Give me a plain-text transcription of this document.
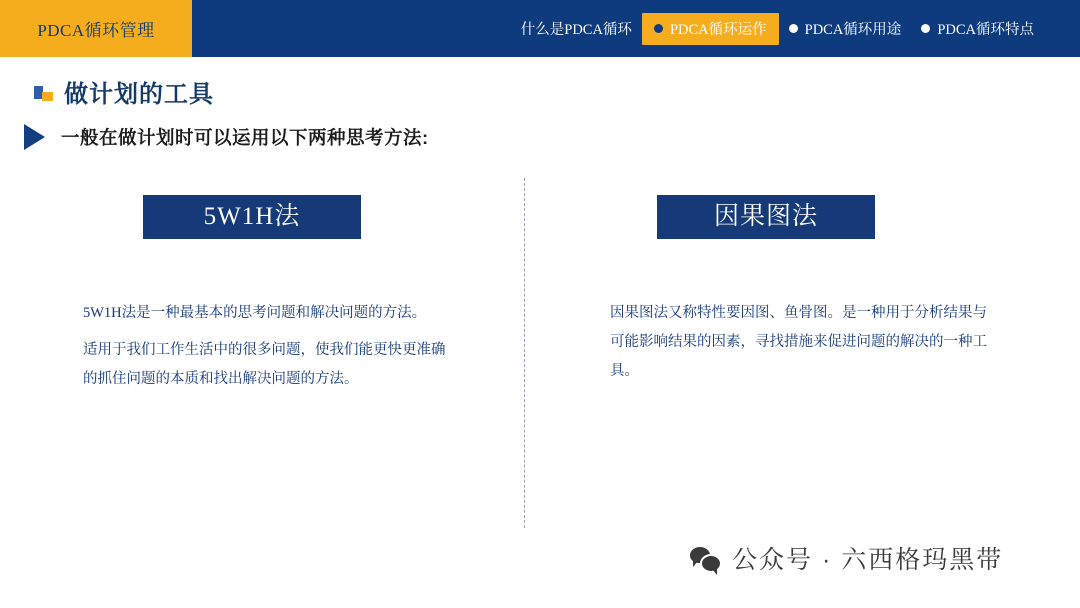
PDCA循环管理	什么是PDCA循环	PDCA循环运作	PDCA循环用途 PDCA循环特点
做计划的工具
一般在做计划时可以运用以下两种思考方法:
5W1H法

5W1H法是一种最基本的思考问题和解决问题的方法。

适用于我们工作生活中的很多问题，使我们能更快更准确的抓住问题的本质和找出解决问题的方法。

因果图法

因果图法又称特性要因图、鱼骨图。是一种用于分析结果与可能影响结果的因素，寻找措施来促进问题的解决的一种工具。

公众号 · 六西格玛黑带
